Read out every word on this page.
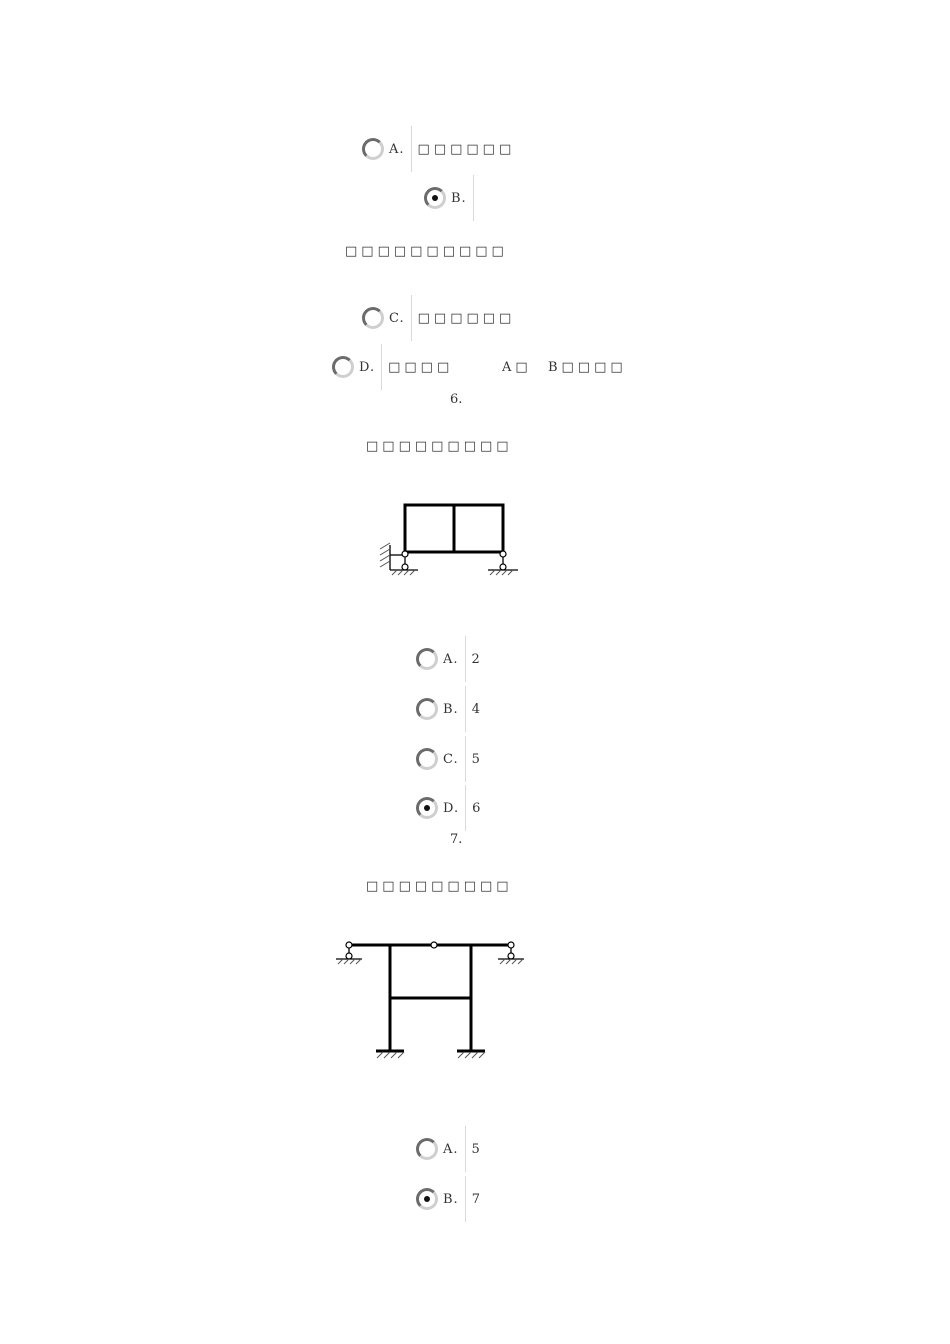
A. □□□□□□
B.
□□□□□□□□□□
C. □□□□□□
D. □□□□      A□  B□□□□
6.
□□□□□□□□□
A. 2
B. 4
C. 5
D. 6
7.
□□□□□□□□□
A. 5
B. 7
